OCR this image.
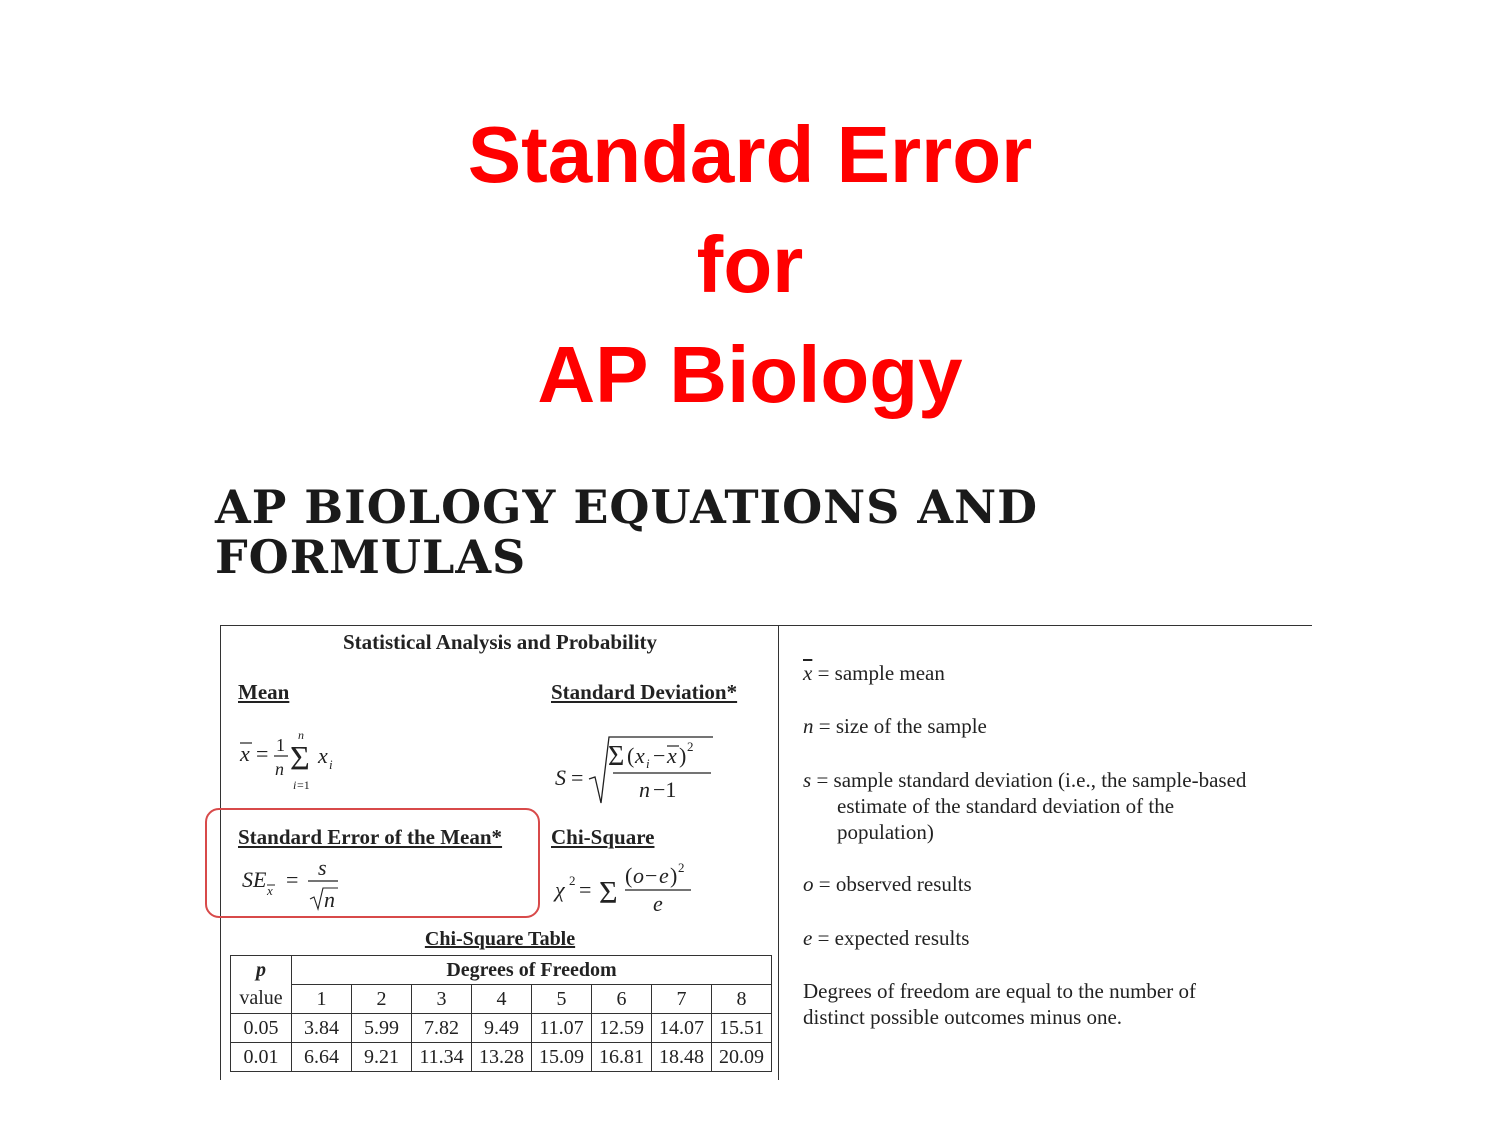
Standard Error
for
AP Biology
AP BIOLOGY EQUATIONS AND
FORMULAS
Statistical Analysis and Probability
Mean
x = 1
n Σ
n
i =1
x i
Standard Deviation*
S =
Σ ( x i − x ) 2
n −1
Standard Error of the Mean*
SE x = s
n
Chi-Square
χ 2 = Σ ( o − e ) 2
e
Chi-Square Table
p	Degrees of Freedom							
value	1	2	3	4	5	6	7	8
0.05	3.84	5.99	7.82	9.49	11.07	12.59	14.07	15.51
0.01	6.64	9.21	11.34	13.28	15.09	16.81	18.48	20.09
$\overline{x}$ = sample mean
n = size of the sample
s = sample standard deviation (i.e., the sample-based
estimate of the standard deviation of the
population)
o = observed results
e = expected results
Degrees of freedom are equal to the number of
distinct possible outcomes minus one.
